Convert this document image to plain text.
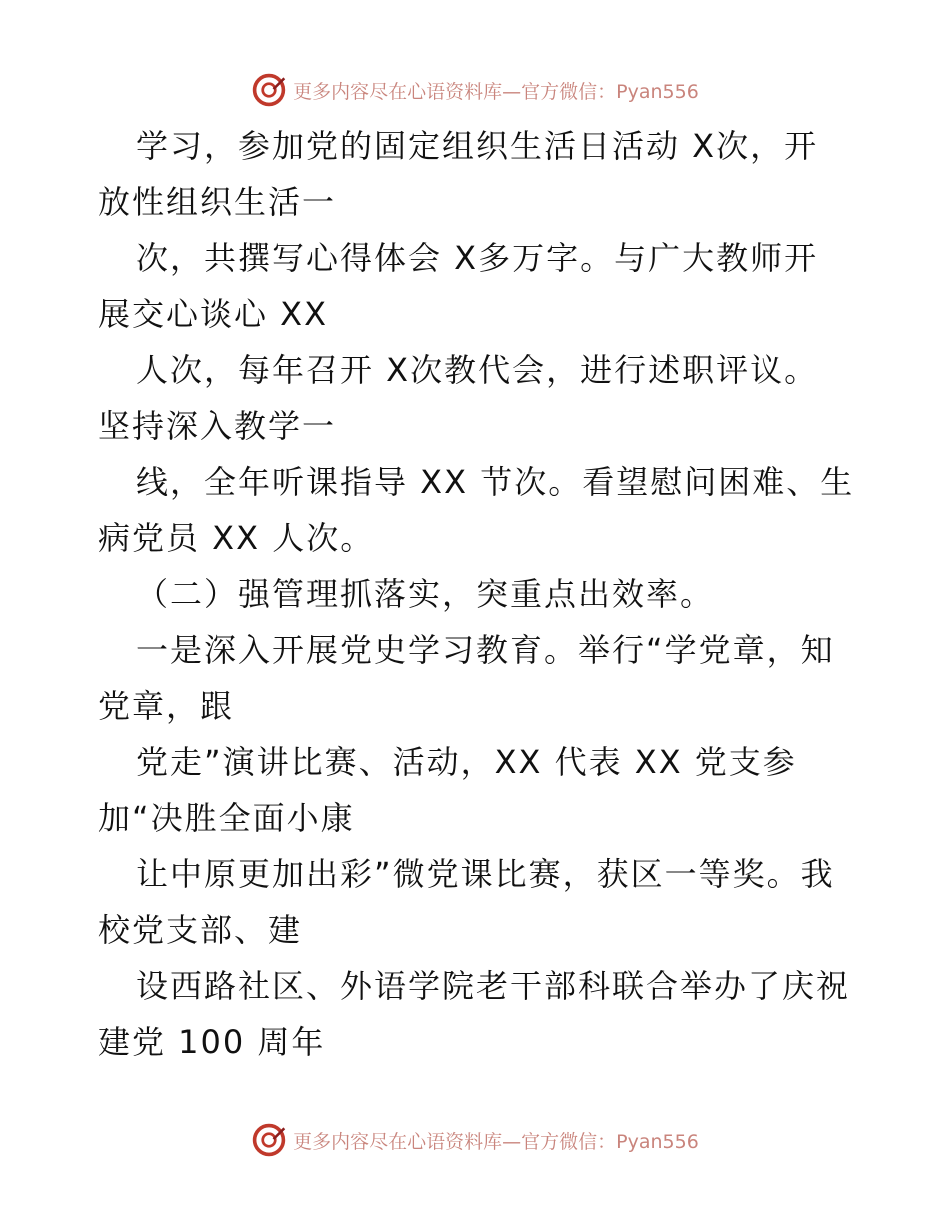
更多内容尽在心语资料库—官方微信：Pyan556
学习，参加党的固定组织生活日活动 X次，开
放性组织生活一
次，共撰写心得体会 X多万字。与广大教师开
展交心谈心 XX
人次，每年召开 X次教代会，进行述职评议。
坚持深入教学一
线，全年听课指导 XX 节次。看望慰问困难、生
病党员 XX 人次。
（二）强管理抓落实，突重点出效率。
一是深入开展党史学习教育。举行“学党章，知
党章，跟
党走”演讲比赛、活动，XX 代表 XX 党支参
加“决胜全面小康
让中原更加出彩”微党课比赛，获区一等奖。我
校党支部、建
设西路社区、外语学院老干部科联合举办了庆祝
建党 100 周年
更多内容尽在心语资料库—官方微信：Pyan556
